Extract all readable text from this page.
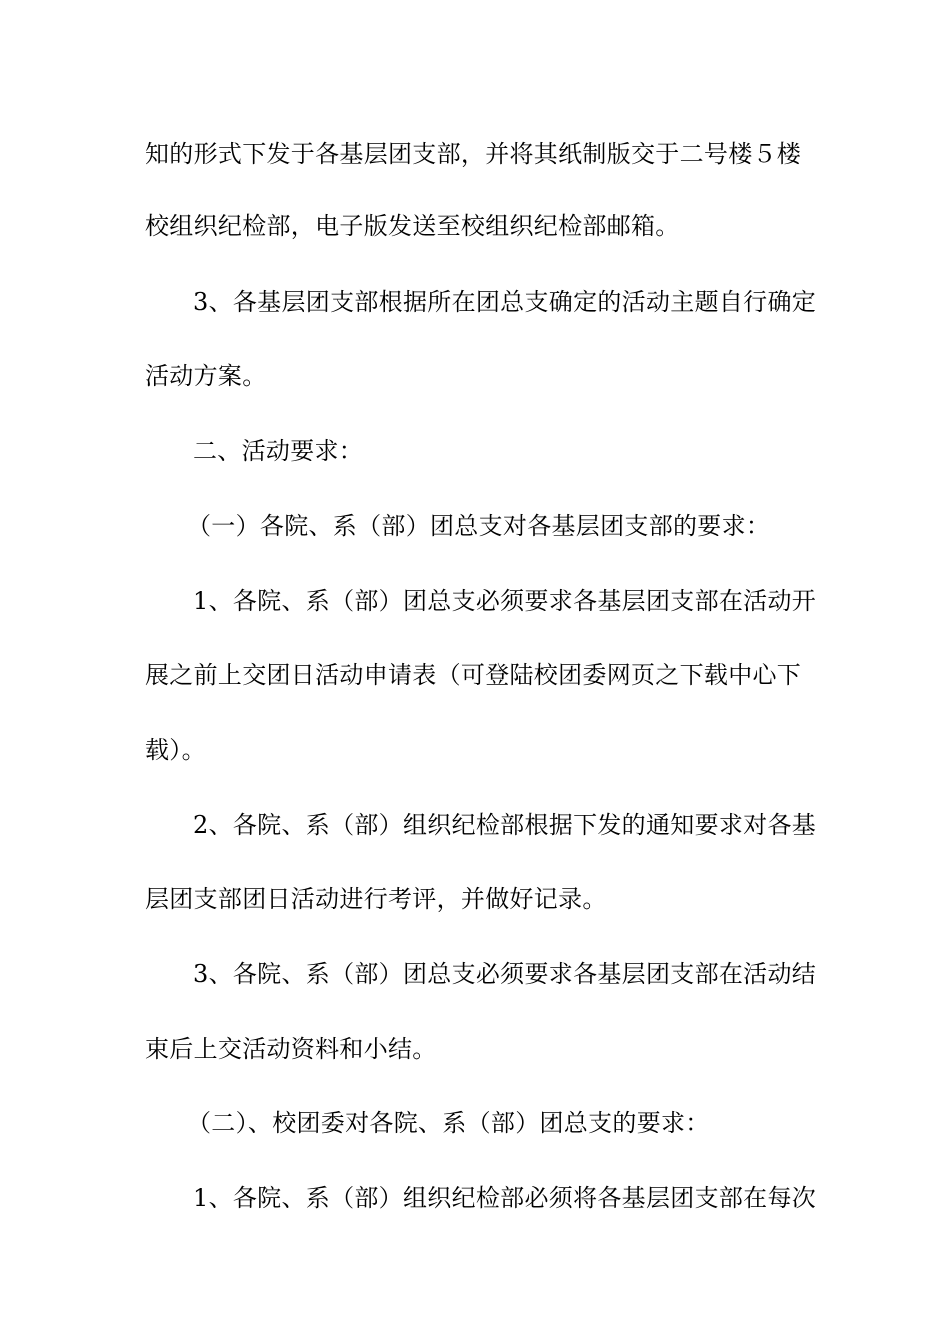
知的形式下发于各基层团支部，并将其纸制版交于二号楼５楼
校组织纪检部，电子版发送至校组织纪检部邮箱。
3、各基层团支部根据所在团总支确定的活动主题自行确定
活动方案。
二、活动要求：
（一）各院、系（部）团总支对各基层团支部的要求：
1、各院、系（部）团总支必须要求各基层团支部在活动开
展之前上交团日活动申请表（可登陆校团委网页之下载中心下
载）。
2、各院、系（部）组织纪检部根据下发的通知要求对各基
层团支部团日活动进行考评，并做好记录。
3、各院、系（部）团总支必须要求各基层团支部在活动结
束后上交活动资料和小结。
（二）、校团委对各院、系（部）团总支的要求：
1、各院、系（部）组织纪检部必须将各基层团支部在每次
